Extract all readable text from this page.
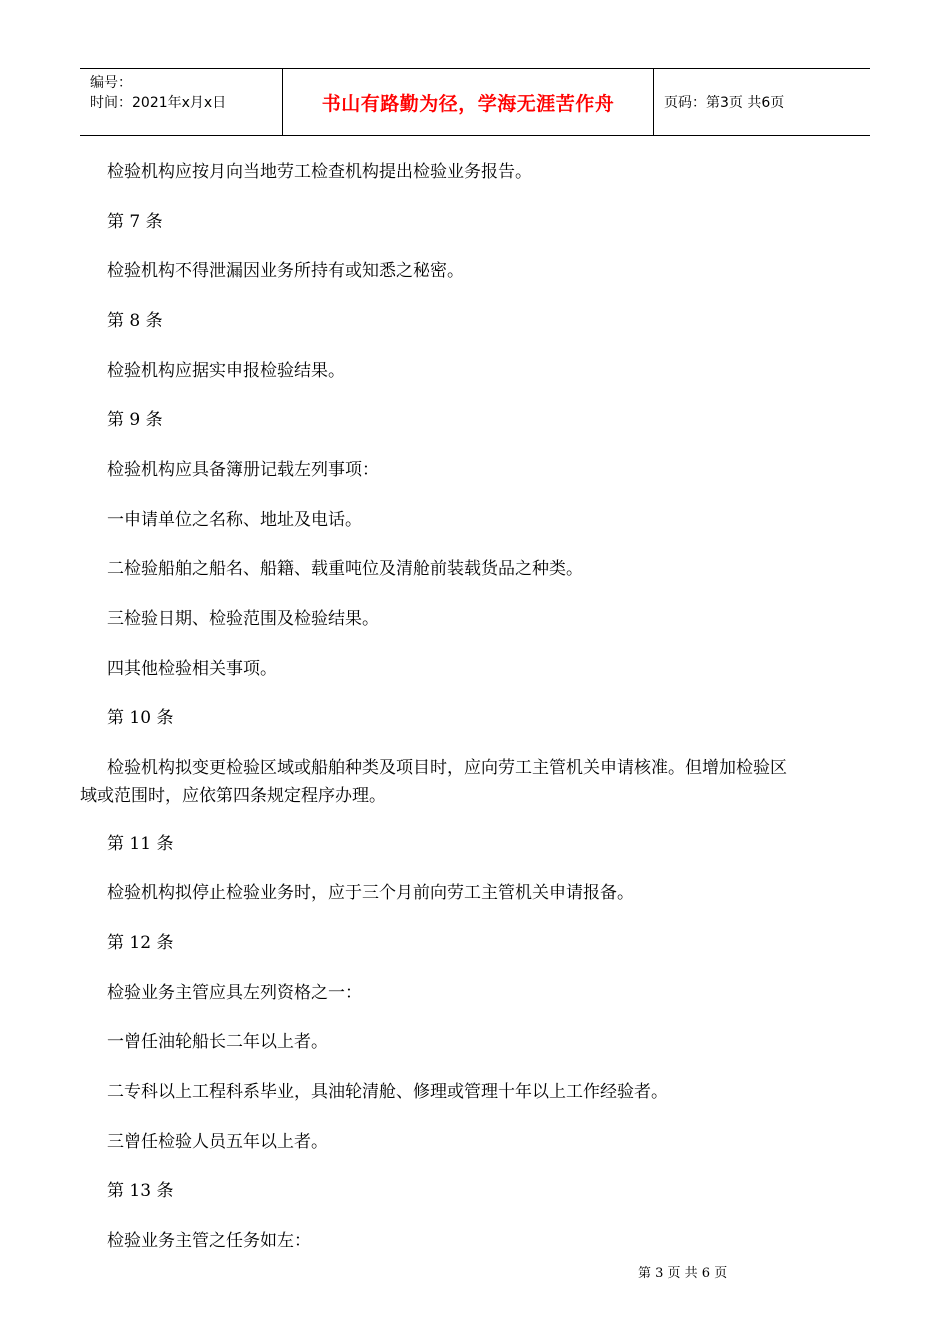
编号：
时间：2021年x月x日	书山有路勤为径，学海无涯苦作舟	页码：第3页 共6页
检验机构应按月向当地劳工检查机构提出检验业务报告。
第 7 条
检验机构不得泄漏因业务所持有或知悉之秘密。
第 8 条
检验机构应据实申报检验结果。
第 9 条
检验机构应具备簿册记载左列事项：
一申请单位之名称、地址及电话。
二检验船舶之船名、船籍、载重吨位及清舱前装载货品之种类。
三检验日期、检验范围及检验结果。
四其他检验相关事项。
第 10 条
检验机构拟变更检验区域或船舶种类及项目时，应向劳工主管机关申请核准。但增加检验区
域或范围时，应依第四条规定程序办理。
第 11 条
检验机构拟停止检验业务时，应于三个月前向劳工主管机关申请报备。
第 12 条
检验业务主管应具左列资格之一：
一曾任油轮船长二年以上者。
二专科以上工程科系毕业，具油轮清舱、修理或管理十年以上工作经验者。
三曾任检验人员五年以上者。
第 13 条
检验业务主管之任务如左：
第 3 页 共 6 页
